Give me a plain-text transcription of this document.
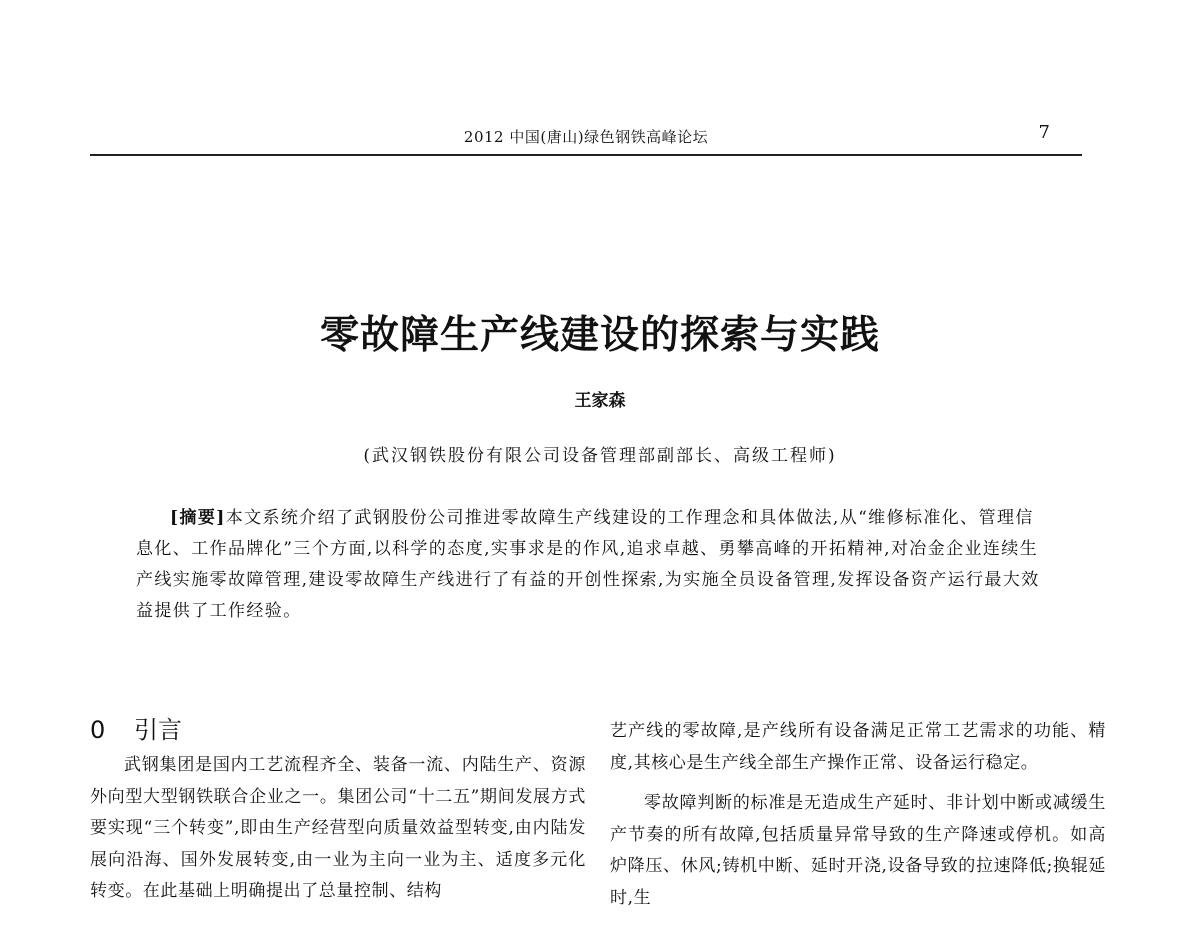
2012 中国(唐山)绿色钢铁高峰论坛	7
零故障生产线建设的探索与实践
王家森
(武汉钢铁股份有限公司设备管理部副部长、高级工程师)
[摘要]本文系统介绍了武钢股份公司推进零故障生产线建设的工作理念和具体做法,从“维修标准化、管理信息化、工作品牌化”三个方面,以科学的态度,实事求是的作风,追求卓越、勇攀高峰的开拓精神,对冶金企业连续生产线实施零故障管理,建设零故障生产线进行了有益的开创性探索,为实施全员设备管理,发挥设备资产运行最大效益提供了工作经验。
0 引言

武钢集团是国内工艺流程齐全、装备一流、内陆生产、资源外向型大型钢铁联合企业之一。集团公司“十二五”期间发展方式要实现“三个转变”,即由生产经营型向质量效益型转变,由内陆发展向沿海、国外发展转变,由一业为主向一业为主、适度多元化转变。在此基础上明确提出了总量控制、结构

艺产线的零故障,是产线所有设备满足正常工艺需求的功能、精度,其核心是生产线全部生产操作正常、设备运行稳定。

零故障判断的标准是无造成生产延时、非计划中断或减缓生产节奏的所有故障,包括质量异常导致的生产降速或停机。如高炉降压、休风;铸机中断、延时开浇,设备导致的拉速降低;换辊延时,生
